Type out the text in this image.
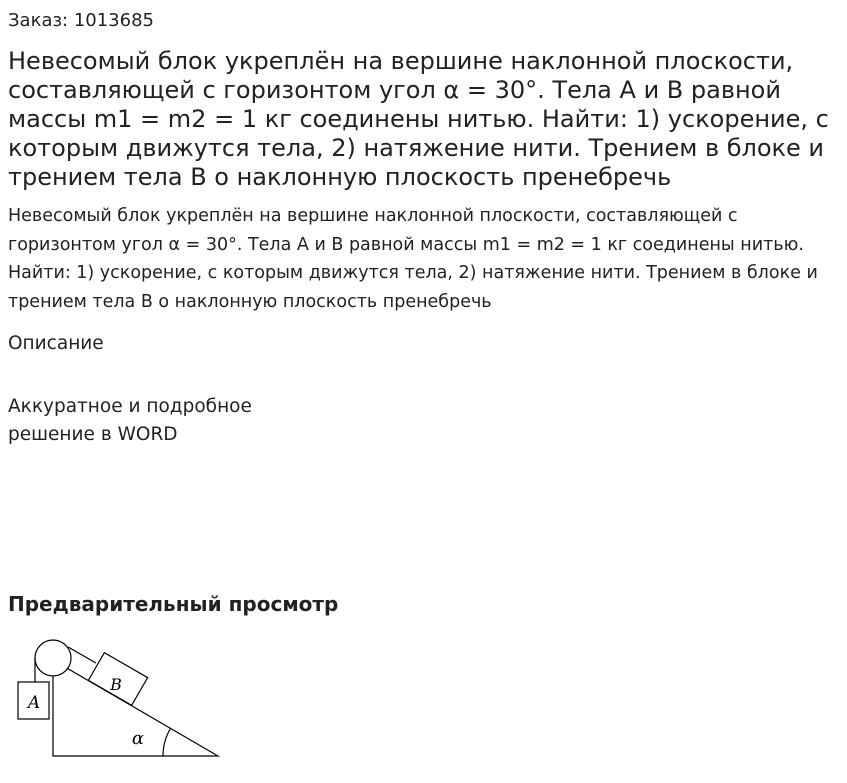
Заказ: 1013685
Невесомый блок укреплён на вершине наклонной плоскости, составляющей с горизонтом угол α = 30°. Тела A и B равной массы m1 = m2 = 1 кг соединены нитью. Найти: 1) ускорение, с которым движутся тела, 2) натяжение нити. Трением в блоке и трением тела B о наклонную плоскость пренебречь

Невесомый блок укреплён на вершине наклонной плоскости, составляющей с горизонтом угол α = 30°. Тела A и B равной массы m1 = m2 = 1 кг соединены нитью. Найти: 1) ускорение, с которым движутся тела, 2) натяжение нити. Трением в блоке и трением тела B о наклонную плоскость пренебречь

Описание

Аккуратное и подробное
решение в WORD

Предварительный просмотр
A
B
α
